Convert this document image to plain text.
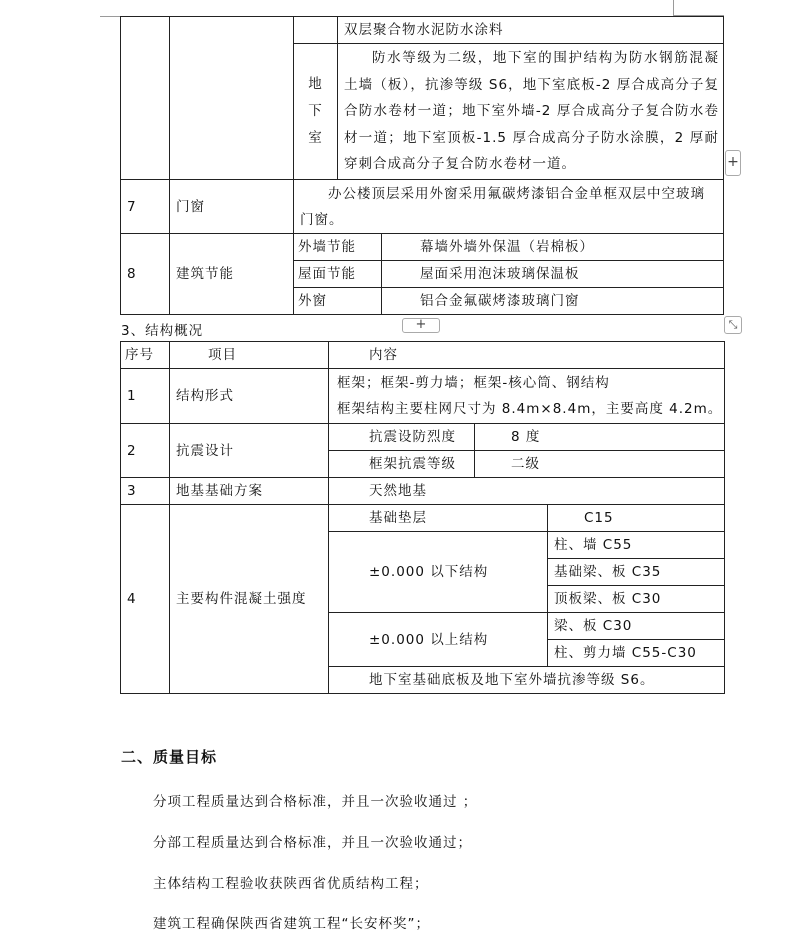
			双层聚合物水泥防水涂料	

		地
下
室	防水等级为二级，地下室的围护结构为防水钢筋混凝土墙（板），抗渗等级 S6，地下室底板-2 厚合成高分子复合防水卷材一道；地下室外墙-2 厚合成高分子复合防水卷材一道；地下室顶板-1.5 厚合成高分子防水涂膜，2 厚耐穿刺合成高分子复合防水卷材一道。	
7	门窗	办公楼顶层采用外窗采用氟碳烤漆铝合金单框双层中空玻璃门窗。		
8	建筑节能	外墙节能		幕墙外墙外保温（岩棉板）
		屋面节能		屋面采用泡沫玻璃保温板
		外窗		铝合金氟碳烤漆玻璃门窗
+
+	⤡
3、结构概况
序号	项目	内容		
1	结构形式	框架；框架-剪力墙；框架-核心筒、钢结构
框架结构主要柱网尺寸为 8.4m×8.4m，主要高度 4.2m。		

2	抗震设计	抗震设防烈度	8 度	
		框架抗震等级	二级	
3	地基基础方案	天然地基		
4	主要构件混凝土强度	基础垫层		C15
		±0.000 以下结构		柱、墙 C55
				基础梁、板 C35
				顶板梁、板 C30
		±0.000 以上结构		梁、板 C30
				柱、剪力墙 C55-C30
		地下室基础底板及地下室外墙抗渗等级 S6。		
二、质量目标
分项工程质量达到合格标准，并且一次验收通过 ；
分部工程质量达到合格标准，并且一次验收通过；
主体结构工程验收获陕西省优质结构工程；
建筑工程确保陕西省建筑工程“长安杯奖”；
